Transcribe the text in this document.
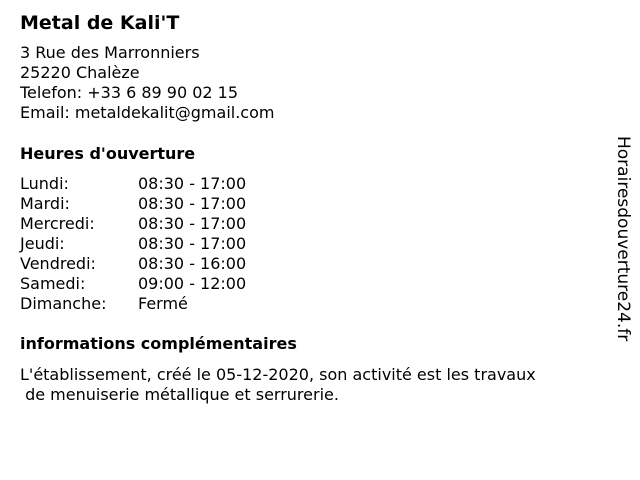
Metal de Kali'T
3 Rue des Marronniers
25220 Chalèze
Telefon: +33 6 89 90 02 15
Email: metaldekalit@gmail.com
Heures d'ouverture
Lundi:	08:30 - 17:00
Mardi:	08:30 - 17:00
Mercredi:	08:30 - 17:00
Jeudi:	08:30 - 17:00
Vendredi:	08:30 - 16:00
Samedi:	09:00 - 12:00
Dimanche: Fermé
informations complémentaires
L'établissement, créé le 05-12-2020, son activité est les travaux
de menuiserie métallique et serrurerie.
Horairesdouverture24.fr
